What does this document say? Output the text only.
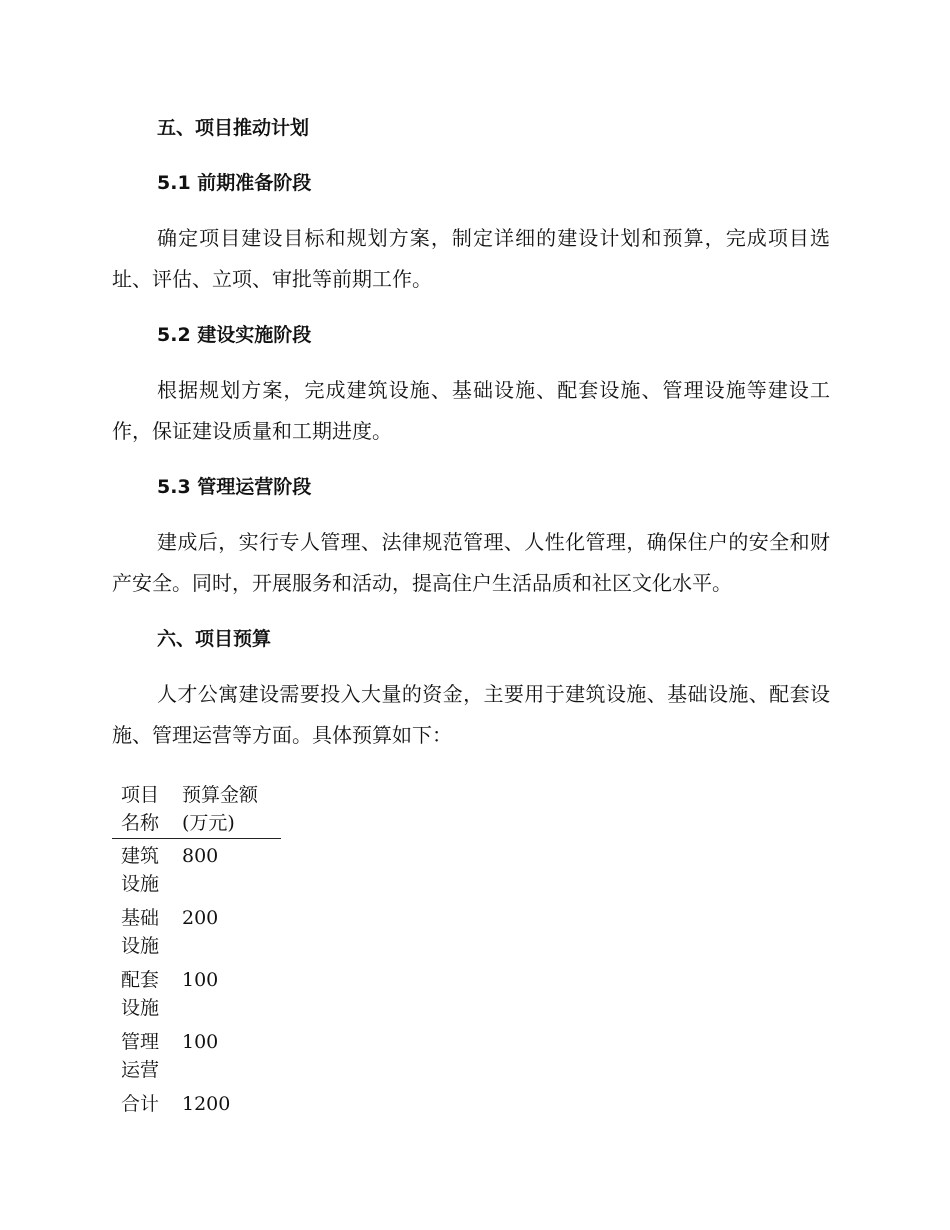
五、项目推动计划
5.1 前期准备阶段
确定项目建设目标和规划方案，制定详细的建设计划和预算，完成项目选址、评估、立项、审批等前期工作。
5.2 建设实施阶段
根据规划方案，完成建筑设施、基础设施、配套设施、管理设施等建设工作，保证建设质量和工期进度。
5.3 管理运营阶段
建成后，实行专人管理、法律规范管理、人性化管理，确保住户的安全和财产安全。同时，开展服务和活动，提高住户生活品质和社区文化水平。
六、项目预算
人才公寓建设需要投入大量的资金，主要用于建筑设施、基础设施、配套设施、管理运营等方面。具体预算如下：
项目名称	预算金额 (万元)
建筑设施	800
基础设施	200
配套设施	100
管理运营	100
合计	1200
